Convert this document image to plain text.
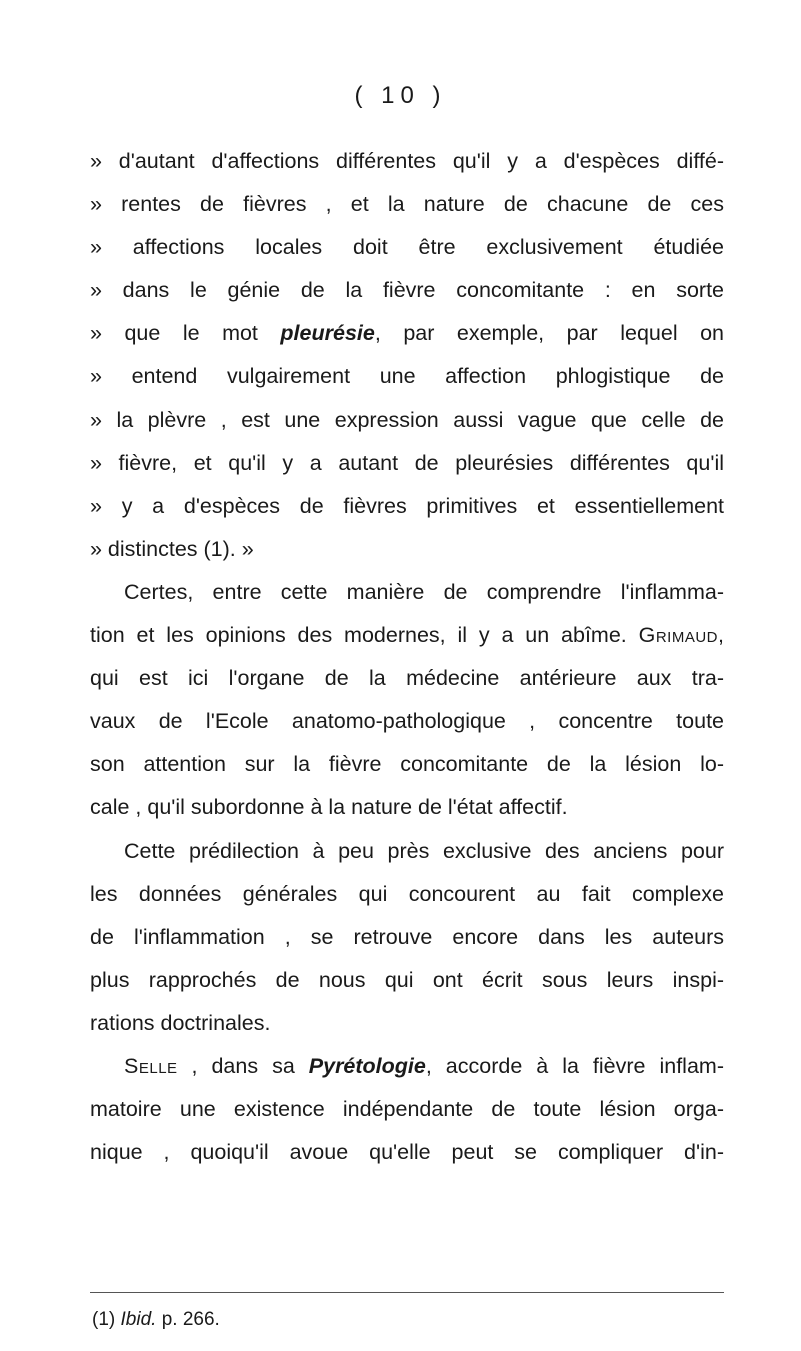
( 10 )
» d'autant d'affections différentes qu'il y a d'espèces diffé-
» rentes de fièvres , et la nature de chacune de ces
» affections locales doit être exclusivement étudiée
» dans le génie de la fièvre concomitante : en sorte
» que le mot pleurésie, par exemple, par lequel on
» entend vulgairement une affection phlogistique de
» la plèvre , est une expression aussi vague que celle de
» fièvre, et qu'il y a autant de pleurésies différentes qu'il
» y a d'espèces de fièvres primitives et essentiellement
» distinctes (1). »
Certes, entre cette manière de comprendre l'inflamma-
tion et les opinions des modernes, il y a un abîme. Grimaud,
qui est ici l'organe de la médecine antérieure aux tra-
vaux de l'Ecole anatomo-pathologique , concentre toute
son attention sur la fièvre concomitante de la lésion lo-
cale , qu'il subordonne à la nature de l'état affectif.
Cette prédilection à peu près exclusive des anciens pour
les données générales qui concourent au fait complexe
de l'inflammation , se retrouve encore dans les auteurs
plus rapprochés de nous qui ont écrit sous leurs inspi-
rations doctrinales.
Selle , dans sa Pyrétologie, accorde à la fièvre inflam-
matoire une existence indépendante de toute lésion orga-
nique , quoiqu'il avoue qu'elle peut se compliquer d'in-
(1) Ibid. p. 266.
